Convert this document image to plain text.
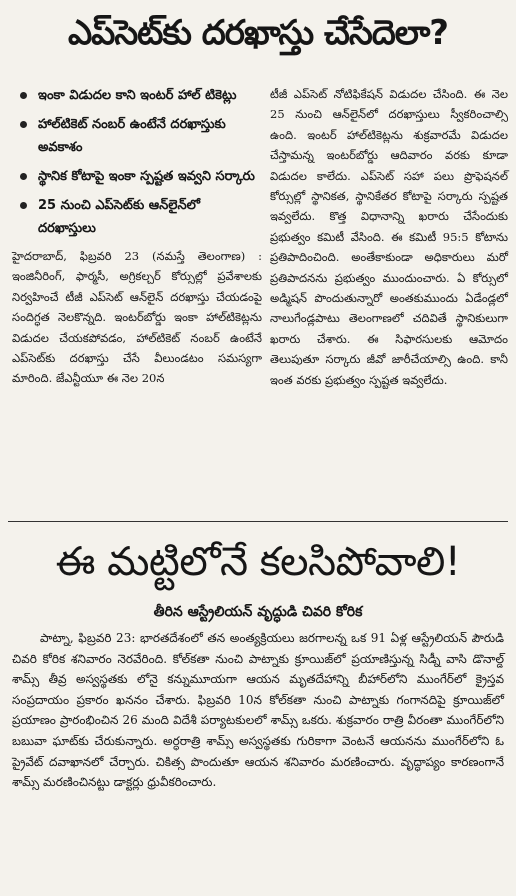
ఎప్‌సెట్‌కు దరఖాస్తు చేసేదెలా?
ఇంకా విడుదల కాని ఇంటర్ హాల్ టికెట్లు
హాల్‌టికెట్ నంబర్ ఉంటేనే దరఖాస్తుకు అవకాశం
స్థానిక కోటాపై ఇంకా స్పష్టత ఇవ్వని సర్కారు
25 నుంచి ఎప్‌సెట్‌కు ఆన్‌లైన్‌లో దరఖాస్తులు

హైదరాబాద్, ఫిబ్రవరి 23 (నమస్తే తెలంగాణ) : ఇంజినీరింగ్, ఫార్మసీ, అగ్రికల్చర్ కోర్సుల్లో ప్రవేశాలకు నిర్వహించే టీజీ ఎప్‌సెట్ ఆన్‌లైన్ దరఖాస్తు చేయడంపై సందిగ్ధత నెలకొన్నది. ఇంటర్‌బోర్డు ఇంకా హాల్‌టికెట్లను విడుదల చేయకపోవడం, హాల్‌టికెట్ నంబర్ ఉంటేనే ఎప్‌సెట్‌కు దరఖాస్తు చేసే వీలుండటం సమస్యగా మారింది. జేఎన్టీయూ ఈ నెల 20న

టీజీ ఎప్‌సెట్ నోటిఫికేషన్ విడుదల చేసింది. ఈ నెల 25 నుంచి ఆన్‌లైన్‌లో దరఖాస్తులు స్వీకరించాల్సి ఉంది. ఇంటర్ హాల్‌టికెట్లను శుక్రవారమే విడుదల చేస్తామన్న ఇంటర్‌బోర్డు ఆదివారం వరకు కూడా విడుదల కాలేదు. ఎప్‌సెట్ సహా పలు ప్రొఫెషనల్ కోర్సుల్లో స్థానికత, స్థానికేతర కోటాపై సర్కారు స్పష్టత ఇవ్వలేదు. కొత్త విధానాన్ని ఖరారు చేసేందుకు ప్రభుత్వం కమిటీ వేసింది. ఈ కమిటీ 95:5 కోటాను ప్రతిపాదించింది. అంతేకాకుండా అధికారులు మరో ప్రతిపాదనను ప్రభుత్వం ముందుంచారు. ఏ కోర్సులో అడ్మిషన్ పొందుతున్నారో అంతకుముందు ఏడేండ్లలో నాలుగేండ్లపాటు తెలంగాణలో చదివితే స్థానికులుగా ఖరారు చేశారు. ఈ సిఫారసులకు ఆమోదం తెలుపుతూ సర్కారు జీవో జారీచేయాల్సి ఉంది. కానీ ఇంత వరకు ప్రభుత్వం స్పష్టత ఇవ్వలేదు.

ఈ మట్టిలోనే కలసిపోవాలి!
తీరిన ఆస్ట్రేలియన్ వృద్ధుడి చివరి కోరిక

పాట్నా, ఫిబ్రవరి 23: భారతదేశంలో తన అంత్యక్రియలు జరగాలన్న ఒక 91 ఏళ్ల ఆస్ట్రేలియన్ పౌరుడి చివరి కోరిక శనివారం నెరవేరింది. కోల్‌కతా నుంచి పాట్నాకు క్రూయిజ్‌లో ప్రయాణిస్తున్న సిడ్నీ వాసి డొనాల్డ్ శామ్స్ తీవ్ర అస్వస్థతకు లోనై కన్నుమూయగా ఆయన మృతదేహాన్ని బీహార్‌లోని ముంగేర్‌లో క్రైస్తవ సంప్రదాయం ప్రకారం ఖననం చేశారు. ఫిబ్రవరి 10న కోల్‌కతా నుంచి పాట్నాకు గంగానదిపై క్రూయిజ్‌లో ప్రయాణం ప్రారంభించిన 26 మంది విదేశీ పర్యాటకులలో శామ్స్ ఒకరు. శుక్రవారం రాత్రి వీరంతా ముంగేర్‌లోని బబువా ఘాట్‌కు చేరుకున్నారు. అర్ధరాత్రి శామ్స్ అస్వస్థతకు గురికాగా వెంటనే ఆయనను ముంగేర్‌లోని ఓ ప్రైవేట్ దవాఖానలో చేర్చారు. చికిత్స పొందుతూ ఆయన శనివారం మరణించారు. వృద్ధాప్యం కారణంగానే శామ్స్ మరణించినట్టు డాక్టర్లు ధ్రువీకరించారు.
